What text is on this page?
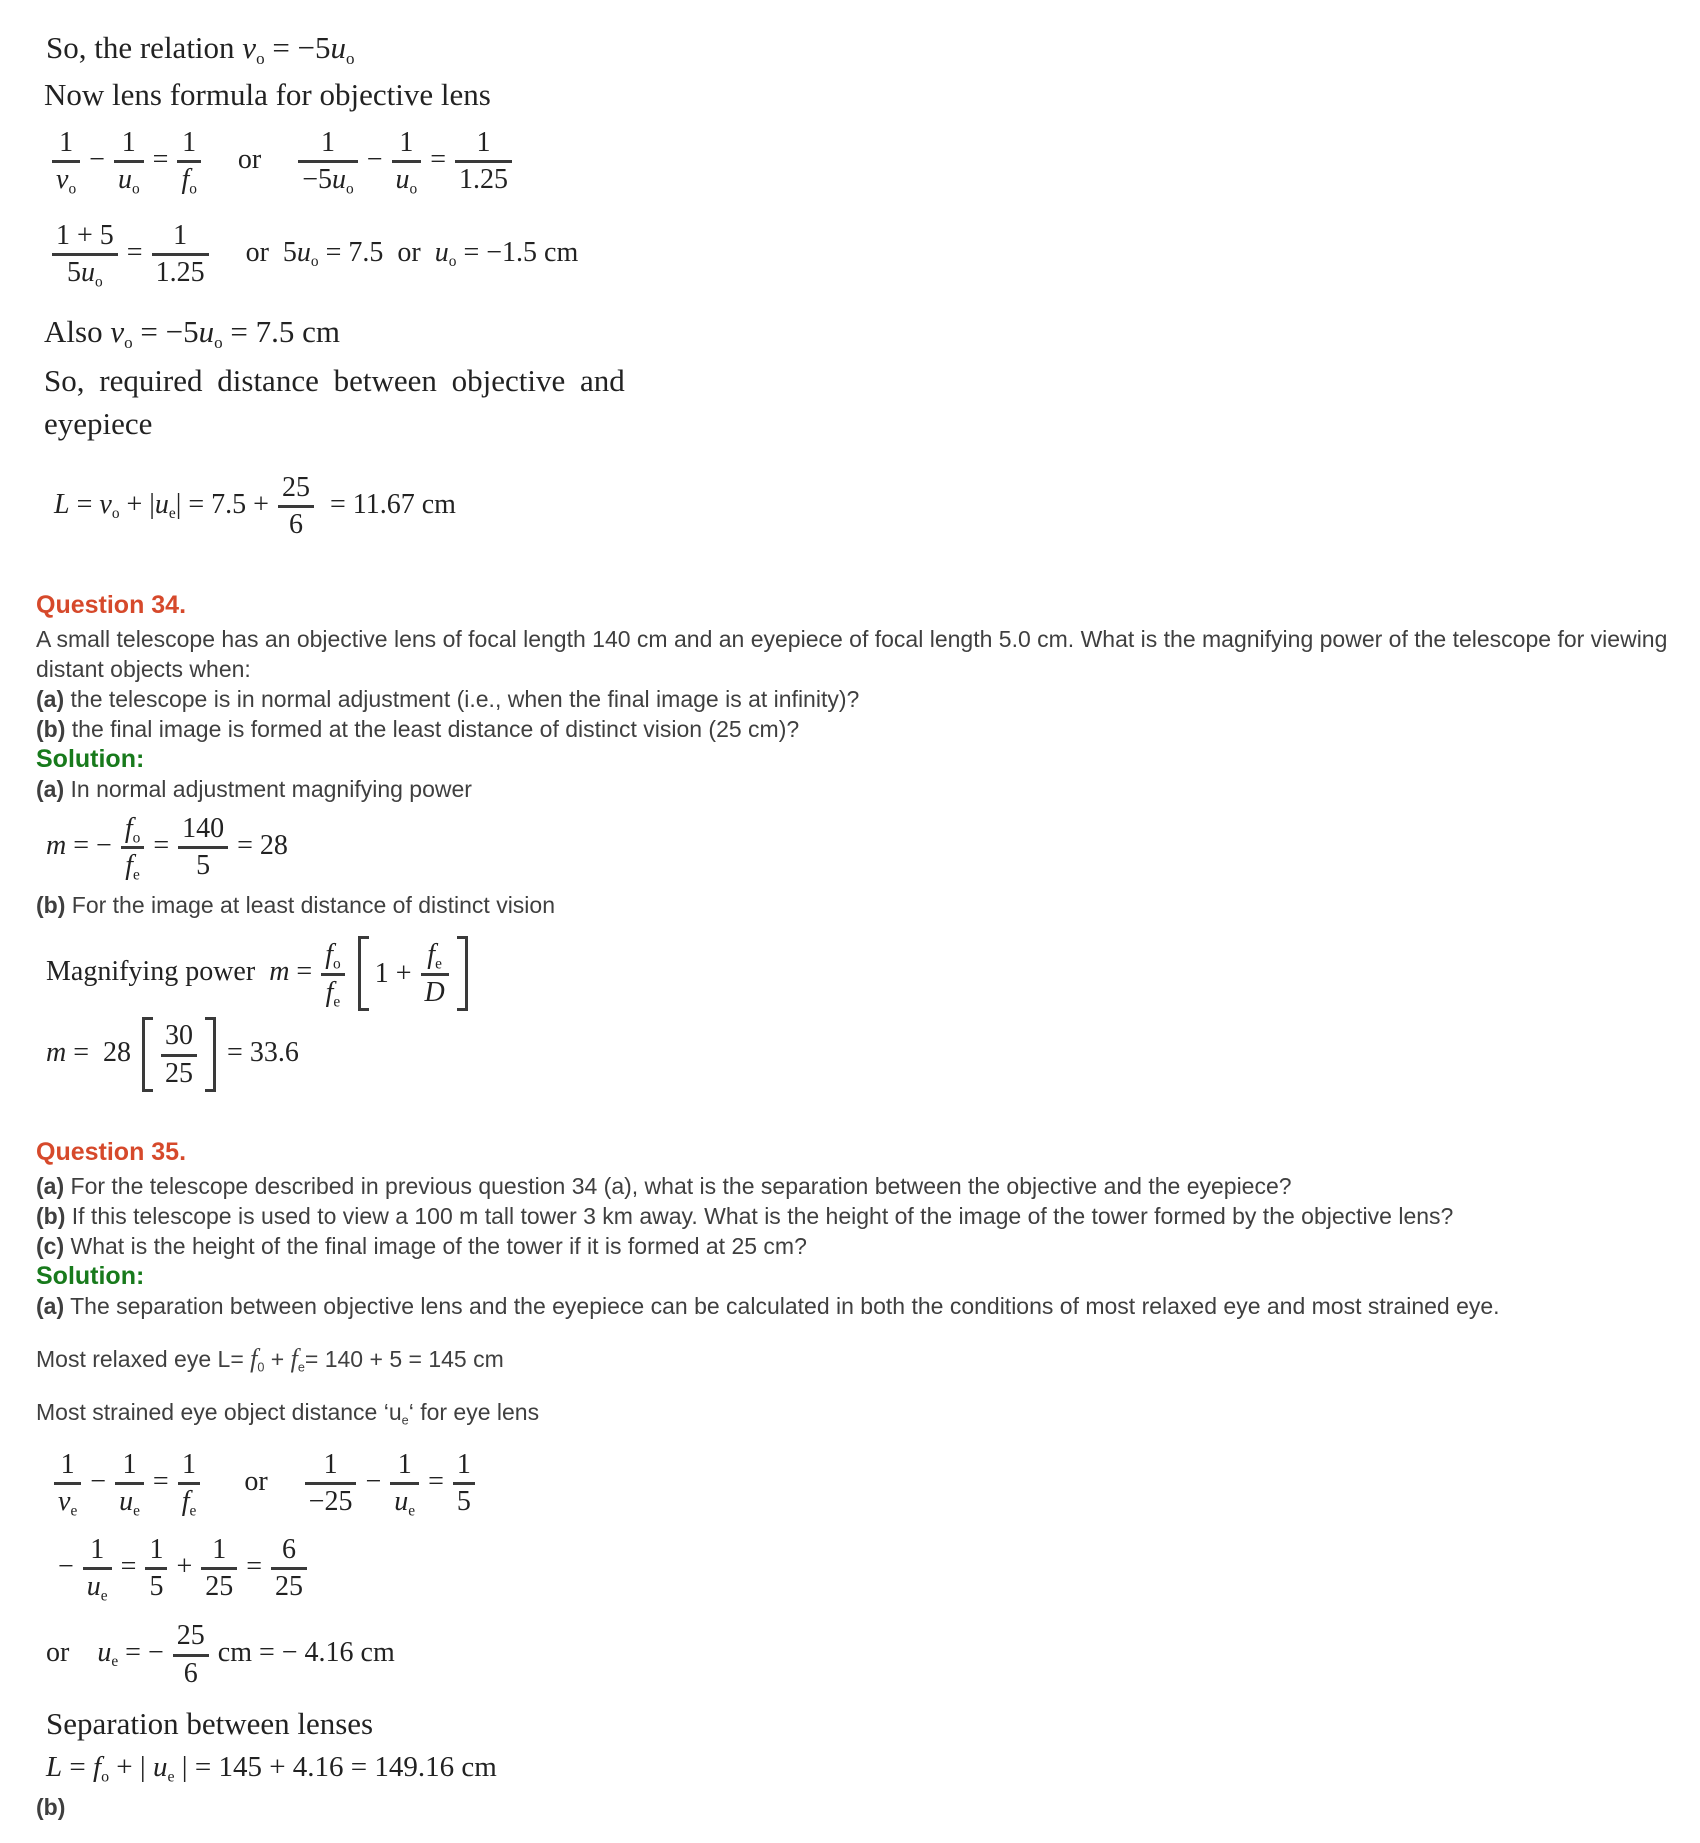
So, the relation vo = −5uo

Now lens formula for objective lens

$\frac{1}{vo} - \frac{1}{uo} = \frac{1}{fo}$ or $\frac{1}{-5uo} - \frac{1}{uo} = \frac{1}{1.25}$
$\frac{1 + 5}{5uo} = \frac{1}{1.25}$ or  5uo = 7.5  or  uo = −1.5 cm

Also vo = −5uo = 7.5 cm

So, required distance between objective and

eyepiece

L = vo + $|ue| = 7.5 + \frac{25}{6} = 11.67$ cm
Question 34.

A small telescope has an objective lens of focal length 140 cm and an eyepiece of focal length 5.0 cm. What is the magnifying power of the telescope for viewing distant objects when:

(a) the telescope is in normal adjustment (i.e., when the final image is at infinity)?

(b) the final image is formed at the least distance of distinct vision (25 cm)?

Solution:

(a) In normal adjustment magnifying power

m = − $\frac{fo}{fe} = \frac{140}{5} = 28$

(b) For the image at least distance of distinct vision

Magnifying power  $m = \frac{fo}{fe}$
$1 + \frac{fe}{D}$
$m = 28 \frac{30}{25} = 33.6$
Question 35.

(a) For the telescope described in previous question 34 (a), what is the separation between the objective and the eyepiece?

(b) If this telescope is used to view a 100 m tall tower 3 km away. What is the height of the image of the tower formed by the objective lens?

(c) What is the height of the final image of the tower if it is formed at 25 cm?

Solution:

(a) The separation between objective lens and the eyepiece can be calculated in both the conditions of most relaxed eye and most strained eye.

Most relaxed eye L= f0 + fe= 140 + 5 = 145 cm

Most strained eye object distance ‘ue‘ for eye lens

$\frac{1}{ve} - \frac{1}{ue} = \frac{1}{fe}$ or $\frac{1}{-25} - \frac{1}{ue} = \frac{1}{5}$
− $\frac{1}{ue} = \frac{1}{5} + \frac{1}{25} = \frac{6}{25}$
or    ue = − $\frac{25}{6}$ cm = − 4.16 cm

Separation between lenses

L = fo + | ue | = 145 + 4.16 = 149.16 cm

(b)
